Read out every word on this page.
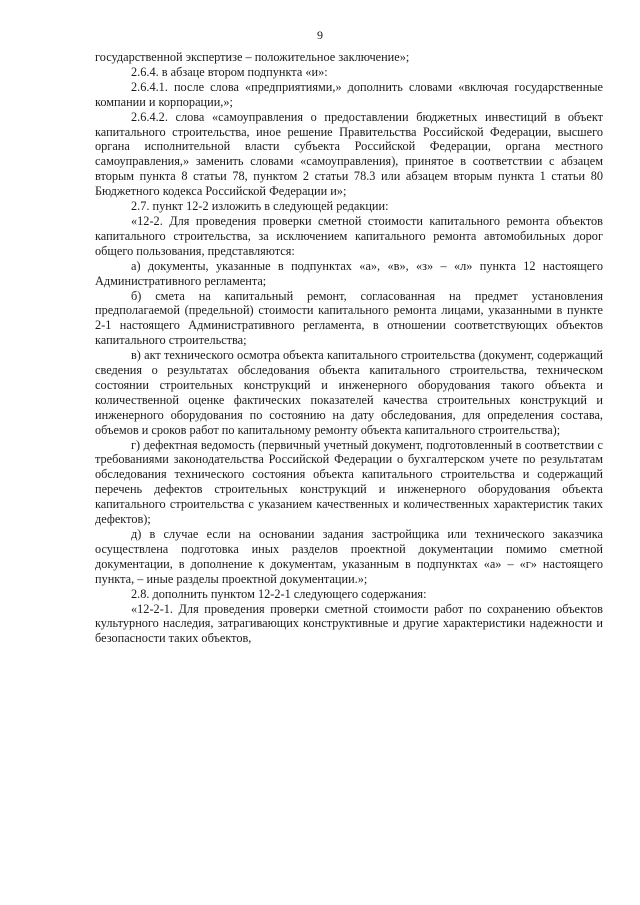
9

государственной экспертизе – положительное заключение»;

2.6.4. в абзаце втором подпункта «и»:

2.6.4.1. после слова «предприятиями,» дополнить словами «включая государственные компании и корпорации,»;

2.6.4.2. слова «самоуправления о предоставлении бюджетных инвестиций в объект капитального строительства, иное решение Правительства Российской Федерации, высшего органа исполнительной власти субъекта Российской Федерации, органа местного самоуправления,» заменить словами «самоуправления), принятое в соответствии с абзацем вторым пункта 8 статьи 78, пунктом 2 статьи 78.3 или абзацем вторым пункта 1 статьи 80 Бюджетного кодекса Российской Федерации и»;

2.7. пункт 12-2 изложить в следующей редакции:

«12-2. Для проведения проверки сметной стоимости капитального ремонта объектов капитального строительства, за исключением капитального ремонта автомобильных дорог общего пользования, представляются:

а) документы, указанные в подпунктах «а», «в», «з» – «л» пункта 12 настоящего Административного регламента;

б) смета на капитальный ремонт, согласованная на предмет установления предполагаемой (предельной) стоимости капитального ремонта лицами, указанными в пункте 2-1 настоящего Административного регламента, в отношении соответствующих объектов капитального строительства;

в) акт технического осмотра объекта капитального строительства (документ, содержащий сведения о результатах обследования объекта капитального строительства, техническом состоянии строительных конструкций и инженерного оборудования такого объекта и количественной оценке фактических показателей качества строительных конструкций и инженерного оборудования по состоянию на дату обследования, для определения состава, объемов и сроков работ по капитальному ремонту объекта капитального строительства);

г) дефектная ведомость (первичный учетный документ, подготовленный в соответствии с требованиями законодательства Российской Федерации о бухгалтерском учете по результатам обследования технического состояния объекта капитального строительства и содержащий перечень дефектов строительных конструкций и инженерного оборудования объекта капитального строительства с указанием качественных и количественных характеристик таких дефектов);

д) в случае если на основании задания застройщика или технического заказчика осуществлена подготовка иных разделов проектной документации помимо сметной документации, в дополнение к документам, указанным в подпунктах «а» – «г» настоящего пункта, – иные разделы проектной документации.»;

2.8. дополнить пунктом 12-2-1 следующего содержания:

«12-2-1. Для проведения проверки сметной стоимости работ по сохранению объектов культурного наследия, затрагивающих конструктивные и другие характеристики надежности и безопасности таких объектов,
